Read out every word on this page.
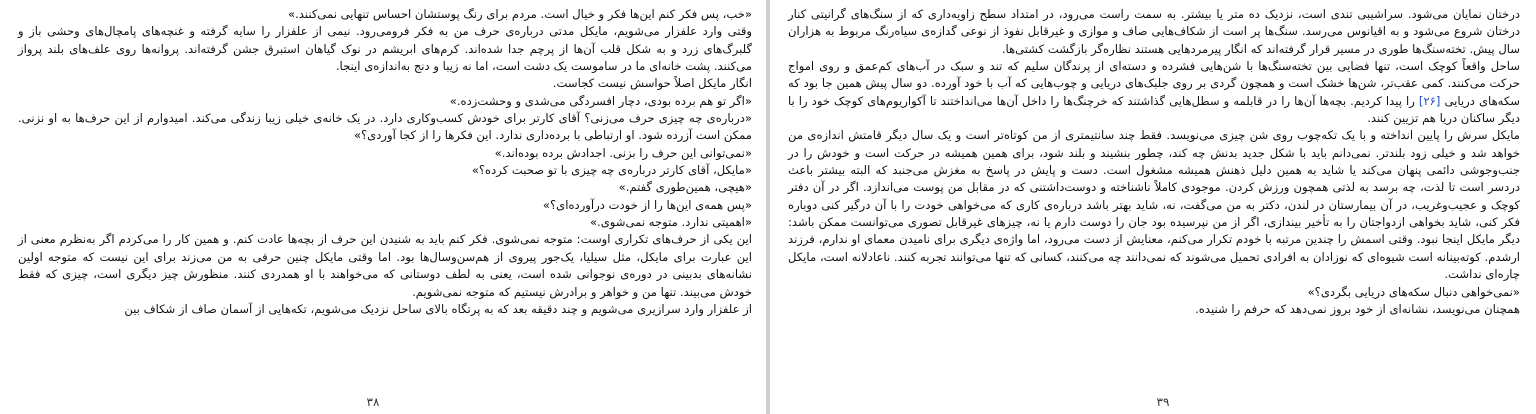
«خب، پس فکر کنم این‌ها فکر و خیال است. مردم برای رنگ پوستشان احساس تنهایی نمی‌کنند.»

وقتی وارد علفزار می‌شویم، مایکل مدتی درباره‌ی حرف من به فکر فرومی‌رود. نیمی از علفزار را سایه گرفته و غنچه‌های پامچال‌های وحشی باز و گلبرگ‌های زرد و به شکل قلب آن‌ها از پرچم جدا شده‌اند. کرم‌های ابریشم در نوک گیاهان استبرق جشن گرفته‌اند. پروانه‌ها روی علف‌های بلند پرواز می‌کنند. پشت خانه‌ای ما در سامو‌ست یک دشت است، اما نه زیبا و دنج به‌اندازه‌ی اینجا.

انگار مایکل اصلاً حواسش نیست کجاست.

«اگر تو هم برده بودی، دچار افسردگی می‌شدی و وحشت‌زده.»

«درباره‌ی چه چیزی حرف می‌زنی؟ آقای کارتر برای خودش کسب‌وکاری دارد. در یک خانه‌ی خیلی زیبا زندگی می‌کند. امیدوارم از این حرف‌ها به او نزنی. ممکن است آزرده شود. او ارتباطی با برده‌داری ندارد. این فکرها را از کجا آوردی؟»

«نمی‌توانی این حرف را بزنی. اجدادش برده بوده‌اند.»

«مایکل، آقای کارتر درباره‌ی چه چیزی با تو صحبت کرده؟»

«هیچی، همین‌طوری گفتم.»

«پس همه‌ی این‌ها را از خودت درآورده‌ای؟»

«اهمیتی ندارد. متوجه نمی‌شوی.»

این یکی از حرف‌های تکراری اوست: متوجه نمی‌شوی. فکر کنم باید به شنیدن این حرف از بچه‌ها عادت کنم. و همین کار را می‌کردم اگر به‌نظرم معنی از این عبارت برای مایکل، مثل سیلیا، یک‌جور پیروی از هم‌سن‌وسال‌ها بود. اما وقتی مایکل چنین حرفی به من می‌زند برای این نیست که متوجه اولین نشانه‌های بدبینی در دوره‌ی نوجوانی شده است، یعنی به لطف دوستانی که می‌خواهند با او همدردی کنند. منظورش چیز دیگری است، چیزی که فقط خودش می‌بیند. تنها من و خواهر و برادرش نیستیم که متوجه نمی‌شویم.

از علفزار وارد سرازیری می‌شویم و چند دقیقه بعد که به پرتگاه بالای ساحل نزدیک می‌شویم، تکه‌هایی از آسمان صاف از شکاف بین

۳۸

درختان نمایان می‌شود. سراشیبی تندی است، نزدیک ده متر یا بیشتر. به سمت راست می‌رود، در امتداد سطح زاویه‌داری که از سنگ‌های گرانیتی کنار درختان شروع می‌شود و به اقیانوس می‌رسد. سنگ‌ها پر است از شکاف‌هایی صاف و موازی و غیرقابل نفوذ از نوعی گدازه‌ی سیاه‌رنگ مربوط به هزاران سال پیش. تخته‌سنگ‌ها طوری در مسیر قرار گرفته‌اند که انگار پیرمردهایی هستند نظاره‌گر بازگشت کشتی‌ها.

ساحل واقعاً کوچک است، تنها فضایی بین تخته‌سنگ‌ها با شن‌هایی فشرده و دسته‌ای از پرندگان سلیم که تند و سبک در آب‌های کم‌عمق و روی امواج حرکت می‌کنند. کمی عقب‌تر، شن‌ها خشک است و همچون گردی بر روی جلبک‌های دریایی و چوب‌هایی که آب با خود آورده. دو سال پیش همین جا بود که سکه‌های دریایی [۲۶] را پیدا کردیم. بچه‌ها آن‌ها را در قابلمه و سطل‌هایی گذاشتند که خرچنگ‌ها را داخل آن‌ها می‌انداختند تا آکواریوم‌های کوچک خود را با دیگر ساکنان دریا هم تزیین کنند.

مایکل سرش را پایین انداخته و با یک تکه‌چوب روی شن چیزی می‌نویسد. فقط چند سانتیمتری از من کوتاه‌تر است و یک سال دیگر قامتش اندازه‌ی من خواهد شد و خیلی زود بلندتر. نمی‌دانم باید با شکل جدید بدنش چه کند، چطور بنشیند و بلند شود، برای همین همیشه در حرکت است و خودش را در جنب‌وجوشی دائمی پنهان می‌کند یا شاید به همین دلیل ذهنش همیشه مشغول است. دست و پایش در پاسخ به مغزش می‌جنبد که البته بیشتر باعث دردسر است تا لذت، چه برسد به لذتی همچون ورزش کردن. موجودی کاملاً ناشناخته و دوست‌داشتنی که در مقابل من پوست می‌اندازد. اگر در آن دفتر کوچک و عجیب‌وغریب، در آن بیمارستان در لندن، دکتر به من می‌گفت، نه، شاید بهتر باشد درباره‌ی کاری که می‌خواهی خودت را با آن درگیر کنی دوباره فکر کنی، شاید بخواهی ازدواجتان را به تأخیر بیندازی، اگر از من نپرسیده بود جان را دوست دارم یا نه، چیزهای غیرقابل تصوری می‌توانست ممکن باشد: دیگر مایکل اینجا نبود. وقتی اسمش را چندین مرتبه با خودم تکرار می‌کنم، معنایش از دست می‌رود، اما واژه‌ی دیگری برای نامیدن معمای او ندارم، فرزند ارشدم. کوته‌بینانه است شیوه‌ای که نوزادان به افرادی تحمیل می‌شوند که نمی‌دانند چه می‌کنند، کسانی که تنها می‌توانند تجربه کنند. ناعادلانه است، مایکل چاره‌ای نداشت.

«نمی‌خواهی دنبال سکه‌های دریایی بگردی؟»

همچنان می‌نویسد، نشانه‌ای از خود بروز نمی‌دهد که حرفم را شنیده.

۳۹
